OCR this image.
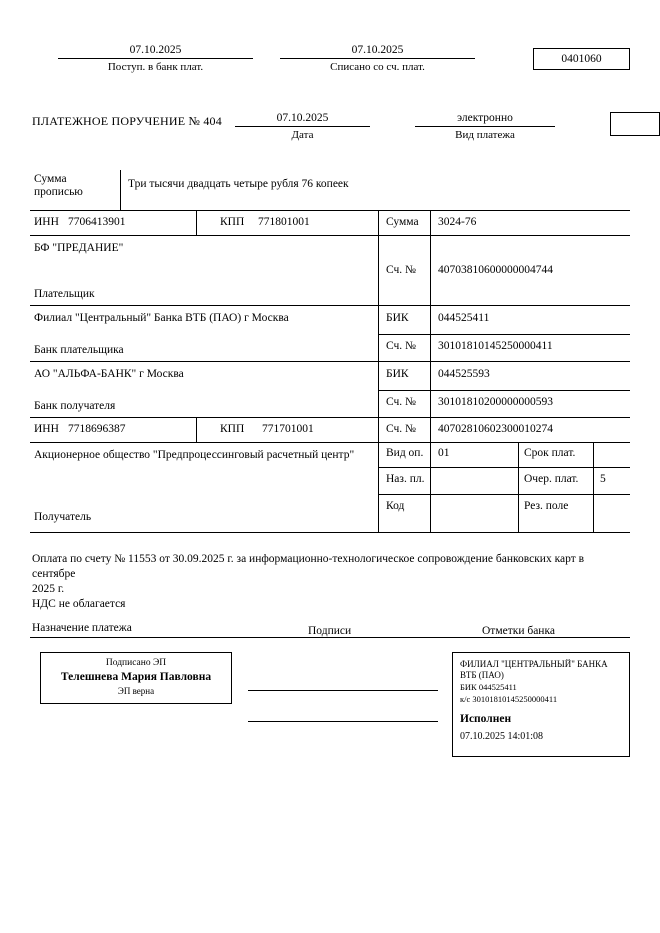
07.10.2025
Поступ. в банк плат.
07.10.2025
Списано со сч. плат.
0401060
ПЛАТЕЖНОЕ ПОРУЧЕНИЕ № 404	07.10.2025
Дата
электронно
Вид платежа
Сумма
прописью
Три тысячи двадцать четыре рубля 76 копеек
ИНН 7706413901	КПП 771801001	Сумма 3024-76
БФ "ПРЕДАНИЕ"
Плательщик
Сч. № 40703810600000004744
Филиал "Центральный" Банка ВТБ (ПАО) г Москва
Банк плательщика
БИК	044525411
Сч. № 30101810145250000411
АО "АЛЬФА-БАНК" г Москва
Банк получателя
БИК	044525593
Сч. № 30101810200000000593
ИНН 7718696387	КПП 771701001	Сч. № 40702810602300010274
Акционерное общество "Предпроцессинговый расчетный центр"
Получатель
Вид оп. 01	Срок плат.
Наз. пл.	Очер. плат. 5
Код	Рез. поле
Оплата по счету № 11553 от 30.09.2025 г. за информационно-технологическое сопровождение банковских карт в сентябре
2025 г.
НДС не облагается
Назначение платежа	Подписи	Отметки банка
Подписано ЭП
Телешнева Мария Павловна
ЭП верна
ФИЛИАЛ "ЦЕНТРАЛЬНЫЙ" БАНКА
ВТБ (ПАО)
БИК 044525411
к/с 30101810145250000411
Исполнен
07.10.2025 14:01:08
